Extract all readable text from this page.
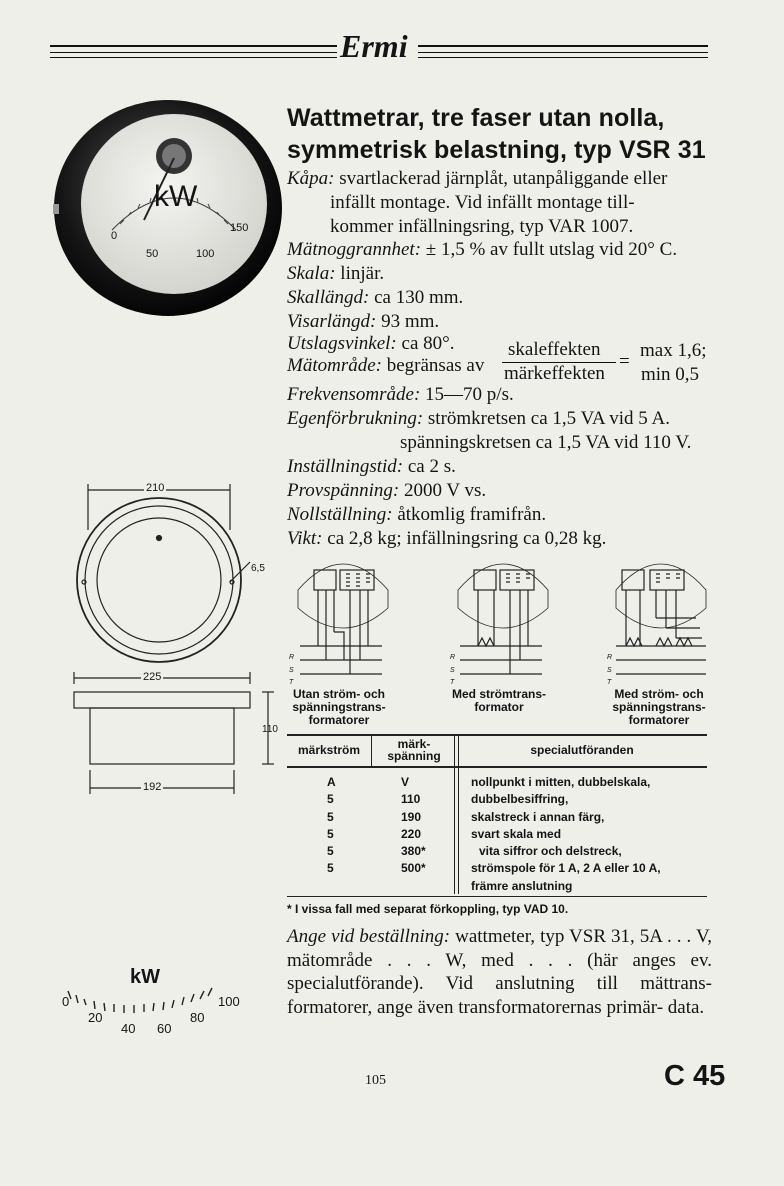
Ermi
kW
0
50	100
150
Wattmetrar, tre faser utan nolla, symmetrisk belastning, typ VSR 31
Kåpa: svartlackerad järnplåt, utanpåliggande eller
infällt montage. Vid infällt montage till-
kommer infällningsring, typ VAR 1007.
Mätnoggrannhet: ± 1,5 % av fullt utslag vid 20° C.
Skala: linjär.
Skallängd: ca 130 mm.
Visarlängd: 93 mm.
Utslagsvinkel: ca 80°.
Mätområde: begränsas av
skaleffekten
märkeffekten
=
max 1,6;
min 0,5
Frekvensområde: 15—70 p/s.
Egenförbrukning: strömkretsen ca 1,5 VA vid 5 A.
spänningskretsen ca 1,5 VA vid 110 V.
Inställningstid: ca 2 s.
Provspänning: 2000 V vs.
Nollställning: åtkomlig framifrån.
Vikt: ca 2,8 kg; infällningsring ca 0,28 kg.
210
6,5
225
110
192
R
S
T
R
S
T
R
S
T
Utan ström- och spänningstrans- formatorer
Med strömtrans- formator
Med ström- och spänningstrans- formatorer
märkström	märk- spänning	specialutföranden
A	V	nollpunkt i mitten, dubbelskala,
5	110	dubbelbesiffring,
5	190	skalstreck i annan färg,
5	220	svart skala med
5	380*	vita siffror och delstreck,
5	500*	strömspole för 1 A, 2 A eller 10 A,
		främre anslutning
* I vissa fall med separat förkoppling, typ VAD 10.
Ange vid beställning: wattmeter, typ VSR 31, 5A . . . V, mätområde . . . W, med . . . (här anges ev. specialutförande). Vid anslutning till mättrans- formatorer, ange även transformatorernas primär- data.
kW
0
20
40 60
80
100
105	C 45
